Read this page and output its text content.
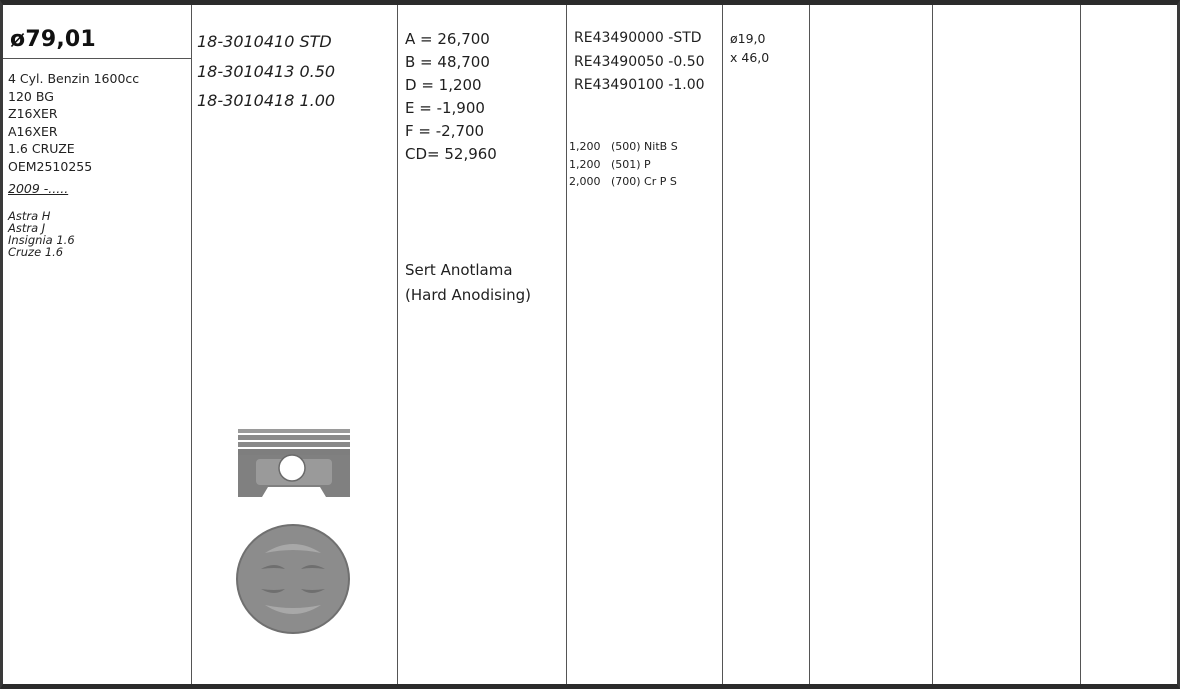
ø79,01
4 Cyl. Benzin 1600cc
120 BG
Z16XER
A16XER
1.6 CRUZE
OEM2510255
2009 -.....
Astra H
Astra J
Insignia 1.6
Cruze 1.6
18-3010410 STD
18-3010413 0.50
18-3010418 1.00
A = 26,700
B = 48,700
D = 1,200
E = -1,900
F = -2,700
CD= 52,960
Sert Anotlama
(Hard Anodising)
RE43490000 -STD
RE43490050 -0.50
RE43490100 -1.00
1,200   (500) NitB S
1,200   (501) P
2,000   (700) Cr P S
ø19,0
x 46,0
